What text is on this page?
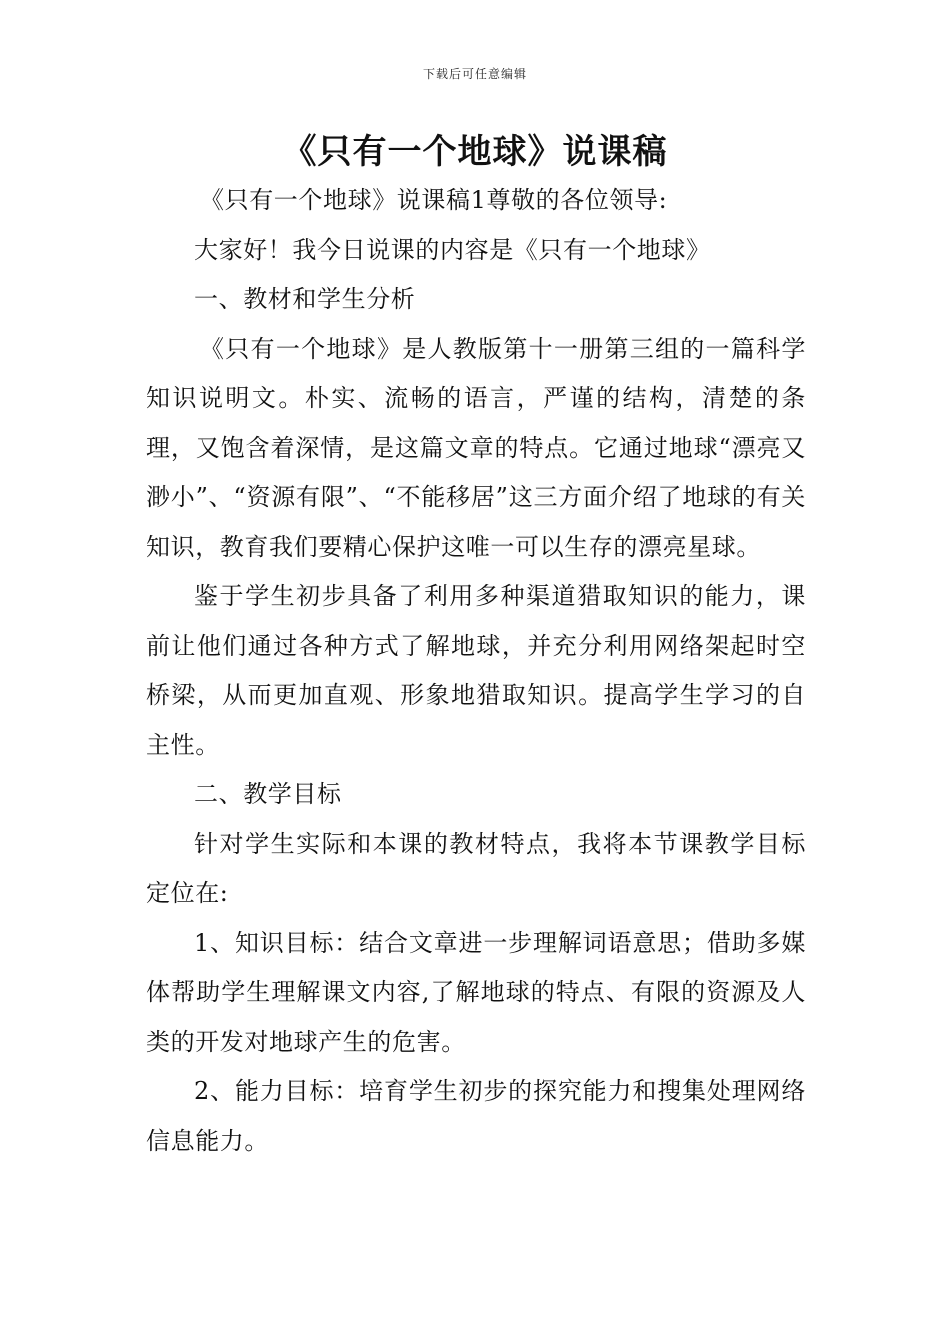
下载后可任意编辑
《只有一个地球》说课稿

《只有一个地球》说课稿1尊敬的各位领导:

大家好！我今日说课的内容是《只有一个地球》

一、教材和学生分析

《只有一个地球》是人教版第十一册第三组的一篇科学知识说明文。朴实、流畅的语言，严谨的结构，清楚的条理，又饱含着深情，是这篇文章的特点。它通过地球“漂亮又渺小”、“资源有限”、“不能移居”这三方面介绍了地球的有关知识，教育我们要精心保护这唯一可以生存的漂亮星球。

鉴于学生初步具备了利用多种渠道猎取知识的能力，课前让他们通过各种方式了解地球，并充分利用网络架起时空桥梁，从而更加直观、形象地猎取知识。提高学生学习的自主性。

二、教学目标

针对学生实际和本课的教材特点，我将本节课教学目标定位在:

1、知识目标：结合文章进一步理解词语意思；借助多媒体帮助学生理解课文内容,了解地球的特点、有限的资源及人类的开发对地球产生的危害。

2、能力目标：培育学生初步的探究能力和搜集处理网络信息能力。
